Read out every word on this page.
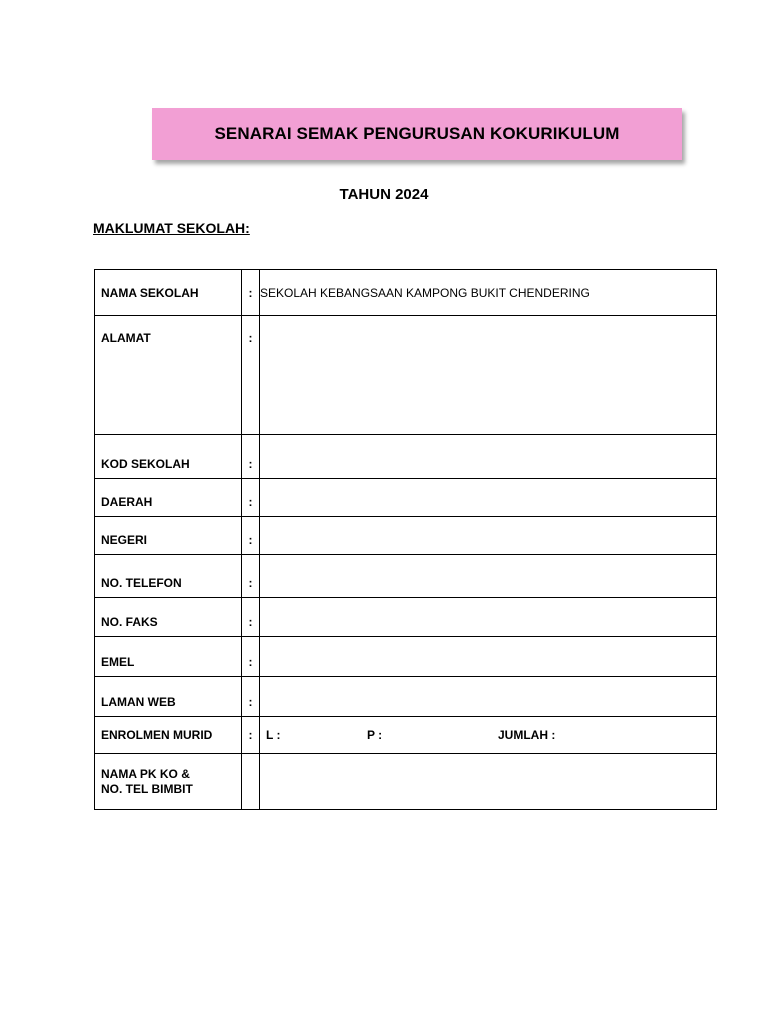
SENARAI SEMAK PENGURUSAN KOKURIKULUM
TAHUN 2024
MAKLUMAT SEKOLAH:
NAMA SEKOLAH	:	SEKOLAH KEBANGSAAN KAMPONG BUKIT CHENDERING
ALAMAT	:	
KOD SEKOLAH	:	
DAERAH	:	
NEGERI	:	
NO. TELEFON	:	
NO. FAKS	:	
EMEL	:	
LAMAN WEB	:	
ENROLMEN MURID	:	L : P : JUMLAH :

NAMA PK KO &
NO. TEL BIMBIT		
